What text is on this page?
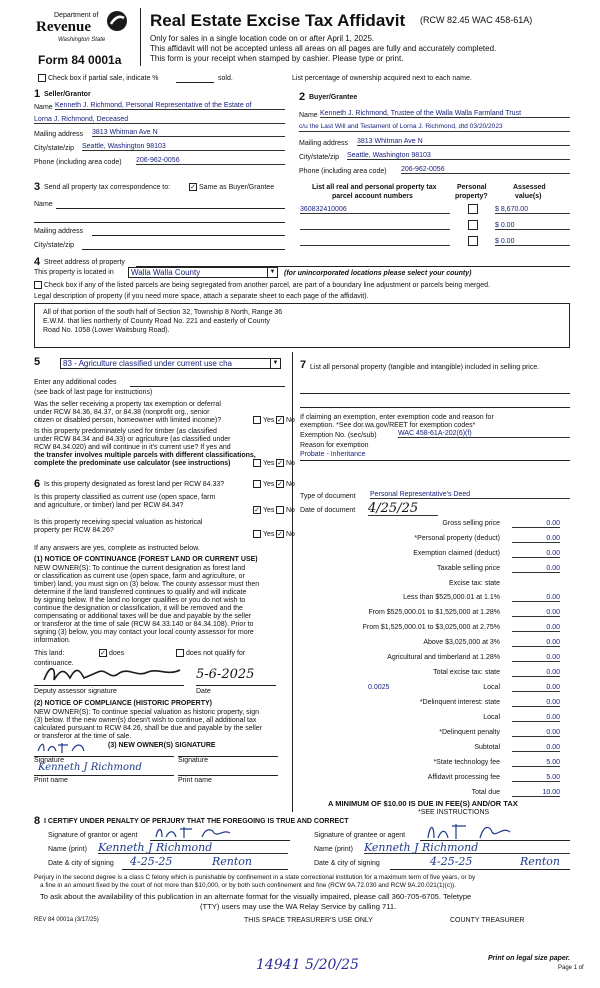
Department of
Revenue
Washington State
Form 84 0001a
Real Estate Excise Tax Affidavit (RCW 82.45 WAC 458-61A)
Only for sales in a single location code on or after April 1, 2025.
This affidavit will not be accepted unless all areas on all pages are fully and accurately completed.
This form is your receipt when stamped by cashier. Please type or print.
Check box if partial sale, indicate %	sold.	List percentage of ownership acquired next to each name.
1 Seller/Grantor
Name Kenneth J. Richmond, Personal Representative of the Estate of
Lorna J. Richmond, Deceased
Mailing address 3813 Whitman Ave N
City/state/zip Seattle, Washington 98103
Phone (including area code) 206-962-0056
2 Buyer/Grantee
Name Kenneth J. Richmond, Trustee of the Walla Walla Farmland Trust
c/u the Last Will and Testament of Lorna J. Richmond, dtd 03/20/2023
Mailing address 3813 Whitman Ave N
City/state/zip Seattle, Washington 98103
Phone (including area code) 206-962-0056
3 Send all property tax correspondence to:	✓ Same as Buyer/Grantee
Name
Mailing address
City/state/zip
List all real and personal property tax
parcel account numbers
Personal
property?
Assessed
value(s)
360832410006	$ 8,670.00
$ 0.00
$ 0.00
4 Street address of property
This property is located in Walla Walla County	▼ (for unincorporated locations please select your county)
Check box if any of the listed parcels are being segregated from another parcel, are part of a boundary line adjustment or parcels being merged.
Legal description of property (if you need more space, attach a separate sheet to each page of the affidavit).
All of that portion of the south half of Section 32, Township 8 North, Range 36
E.W.M. that lies northerly of County Road No. 221 and easterly of County
Road No. 1058 (Lower Waitsburg Road).
5	83 - Agriculture classified under current use cha	▼
Enter any additional codes
(see back of last page for instructions)
Was the seller receiving a property tax exemption or deferral
under RCW 84.36, 84.37, or 84.38 (nonprofit org., senior
citizen or disabled person, homeowner with limited income)?	Yes ✓ No
Is this property predominately used for timber (as classified
under RCW 84.34 and 84.33) or agriculture (as classified under
RCW 84.34.020) and will continue in it's current use? If yes and
the transfer involves multiple parcels with different classifications,
complete the predominate use calculator (see instructions)	Yes ✓ No
6 Is this property designated as forest land per RCW 84.33?	Yes ✓ No
Is this property classified as current use (open space, farm
and agriculture, or timber) land per RCW 84.34?
✓ Yes No
Is this property receiving special valuation as historical
property per RCW 84.26?
Yes ✓ No
If any answers are yes, complete as instructed below.
(1) NOTICE OF CONTINUANCE (FOREST LAND OR CURRENT USE)
NEW OWNER(S): To continue the current designation as forest land
or classification as current use (open space, farm and agriculture, or
timber) land, you must sign on (3) below. The county assessor must then
determine if the land transferred continues to qualify and will indicate
by signing below. If the land no longer qualifies or you do not wish to
continue the designation or classification, it will be removed and the
compensating or additional taxes will be due and payable by the seller
or transferor at the time of sale (RCW 84.33.140 or 84.34.108). Prior to
signing (3) below, you may contact your local county assessor for more
information.
This land:	✓ does	does not qualify for
continuance.
5-6-2025
Deputy assessor signature	Date
(2) NOTICE OF COMPLIANCE (HISTORIC PROPERTY)
NEW OWNER(S): To continue special valuation as historic property, sign
(3) below. If the new owner(s) doesn't wish to continue, all additional tax
calculated pursuant to RCW 84.26, shall be due and payable by the seller
or transferor at the time of sale.
(3) NEW OWNER(S) SIGNATURE
Signature	Signature
Kenneth J Richmond
Print name	Print name
7 List all personal property (tangible and intangible) included in selling price.
If claiming an exemption, enter exemption code and reason for
exemption. *See dor.wa.gov/REET for exemption codes*
Exemption No. (sec/sub)	WAC 458-61A-202(6)(f)
Reason for exemption
Probate - Inheritance
Type of document Personal Representative's Deed
Date of document 4/25/25
Gross selling price	0.00
*Personal property (deduct)	0.00
Exemption claimed (deduct)	0.00
Taxable selling price	0.00
Excise tax: state
Less than $525,000.01 at 1.1%	0.00
From $525,000.01 to $1,525,000 at 1.28%	0.00
From $1,525,000.01 to $3,025,000 at 2.75%	0.00
Above $3,025,000 at 3%	0.00
Agricultural and timberland at 1.28%	0.00
Total excise tax: state	0.00
0.0025	Local	0.00
*Delinquent interest: state	0.00
Local	0.00
*Delinquent penalty	0.00
Subtotal	0.00
*State technology fee	5.00
Affidavit processing fee	5.00
Total due	10.00
A MINIMUM OF $10.00 IS DUE IN FEE(S) AND/OR TAX
*SEE INSTRUCTIONS
8 I CERTIFY UNDER PENALTY OF PERJURY THAT THE FOREGOING IS TRUE AND CORRECT
Signature of grantor or agent
Name (print) Kenneth J Richmond
Date & city of signing 4-25-25	Renton
Signature of grantee or agent
Name (print) Kenneth J Richmond
Date & city of signing	4-25-25	Renton
Perjury in the second degree is a class C felony which is punishable by confinement in a state correctional institution for a maximum term of five years, or by
a fine in an amount fixed by the court of not more than $10,000, or by both such confinement and fine (RCW 9A.72.030 and RCW 9A.20.021(1)(c)).
To ask about the availability of this publication in an alternate format for the visually impaired, please call 360-705-6705. Teletype
(TTY) users may use the WA Relay Service by calling 711.
REV 84 0001a (3/17/25)	THIS SPACE TREASURER'S USE ONLY	COUNTY TREASURER
Print on legal size paper.
Page 1 of
14941 5/20/25
